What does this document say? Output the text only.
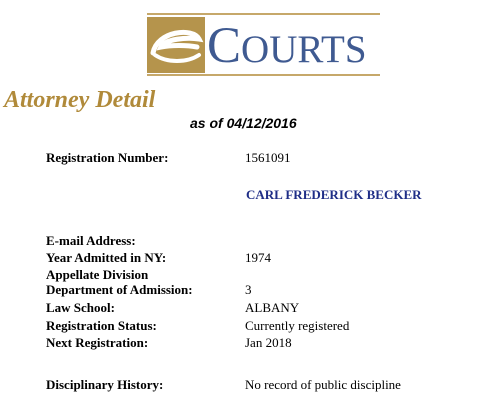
COURTS
Attorney Detail
as of 04/12/2016
Registration Number:	1561091
CARL FREDERICK BECKER
E-mail Address:
Year Admitted in NY:	1974
Appellate Division
Department of Admission:	3
Law School:	ALBANY
Registration Status:	Currently registered
Next Registration:	Jan 2018
Disciplinary History:	No record of public discipline
